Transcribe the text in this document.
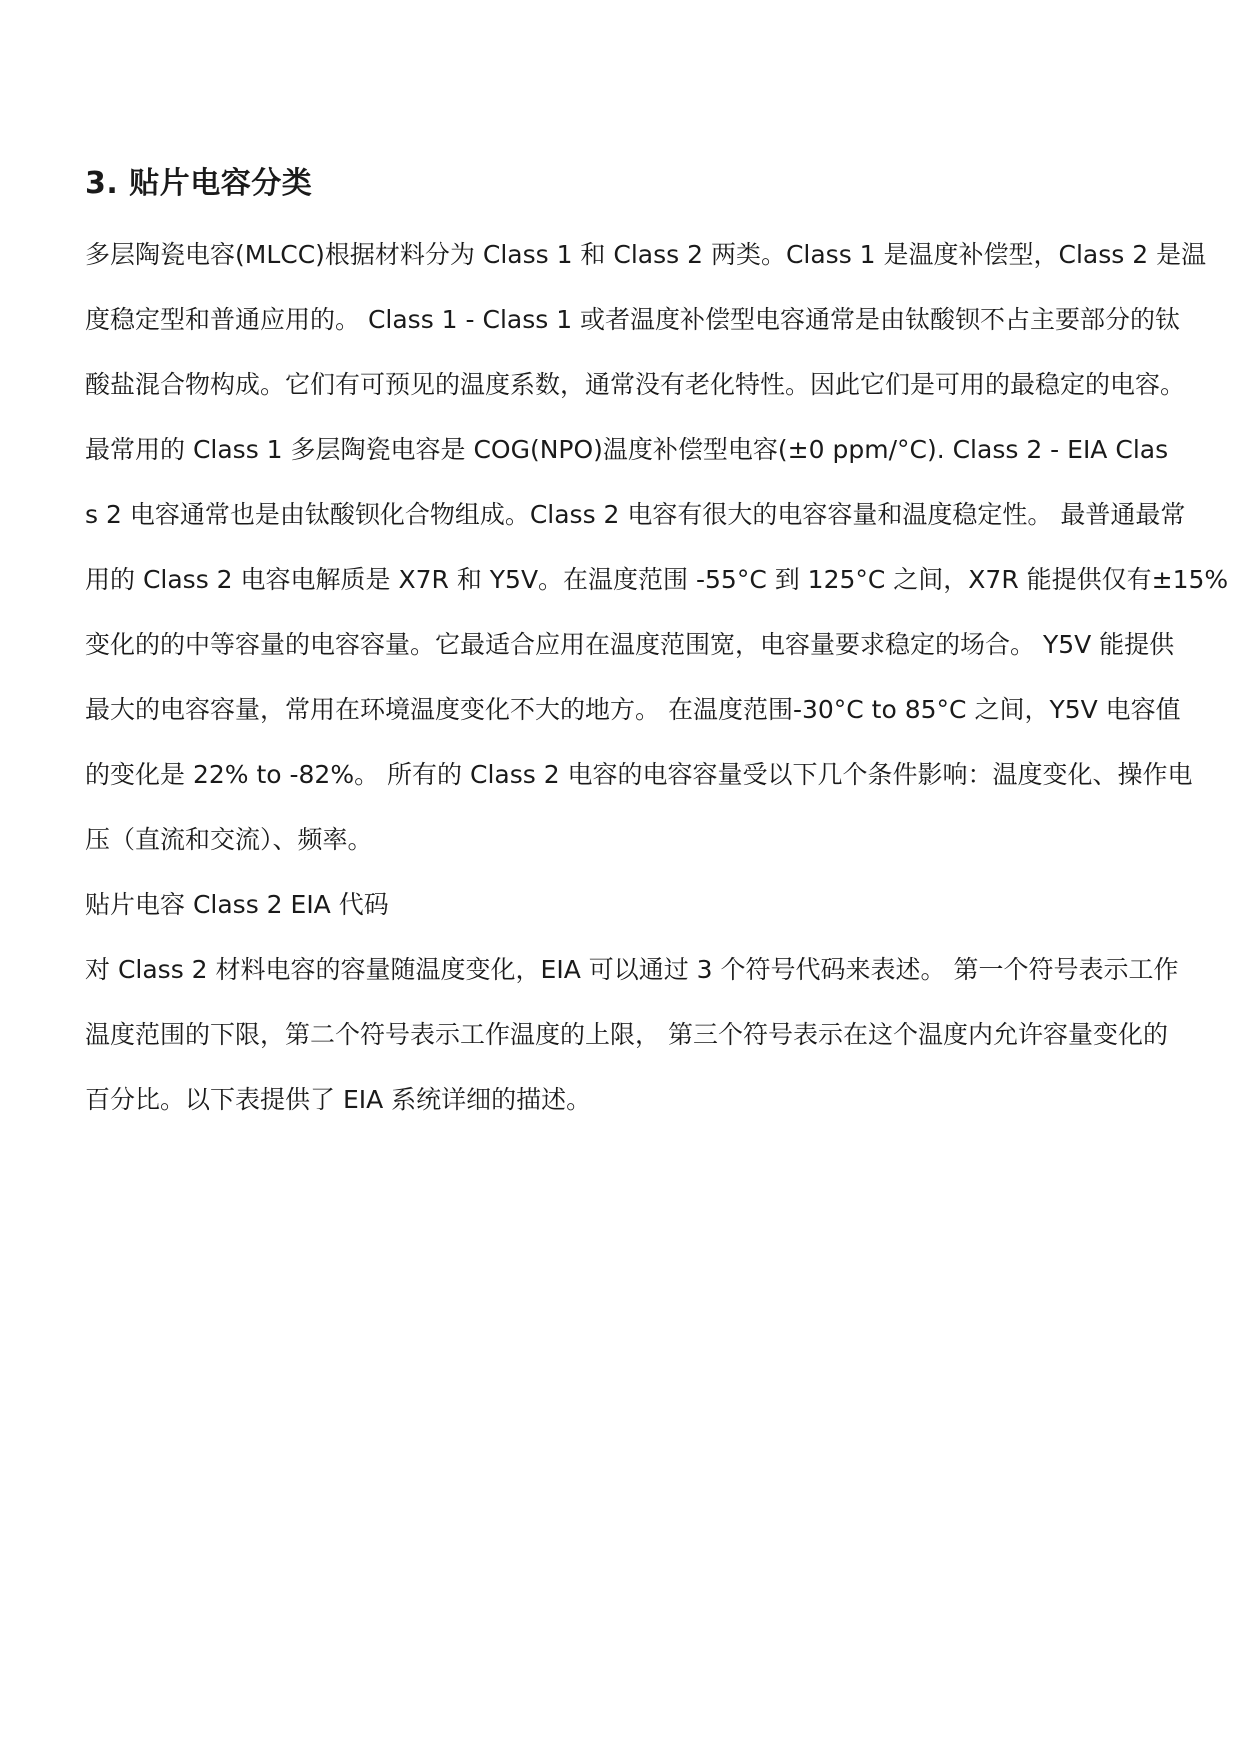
3. 贴片电容分类
多层陶瓷电容(MLCC)根据材料分为 Class 1 和 Class 2 两类。Class 1 是温度补偿型，Class 2 是温
度稳定型和普通应用的。 Class 1 - Class 1 或者温度补偿型电容通常是由钛酸钡不占主要部分的钛
酸盐混合物构成。它们有可预见的温度系数，通常没有老化特性。因此它们是可用的最稳定的电容。
最常用的 Class 1 多层陶瓷电容是 COG(NPO)温度补偿型电容(±0 ppm/°C). Class 2 - EIA Clas
s 2 电容通常也是由钛酸钡化合物组成。Class 2 电容有很大的电容容量和温度稳定性。 最普通最常
用的 Class 2 电容电解质是 X7R 和 Y5V。在温度范围 -55°C 到 125°C 之间，X7R 能提供仅有±15%
变化的的中等容量的电容容量。它最适合应用在温度范围宽，电容量要求稳定的场合。 Y5V 能提供
最大的电容容量，常用在环境温度变化不大的地方。 在温度范围-30°C to 85°C 之间，Y5V 电容值
的变化是 22% to -82%。 所有的 Class 2 电容的电容容量受以下几个条件影响：温度变化、操作电
压（直流和交流）、频率。
贴片电容 Class 2 EIA 代码
对 Class 2 材料电容的容量随温度变化，EIA 可以通过 3 个符号代码来表述。 第一个符号表示工作
温度范围的下限，第二个符号表示工作温度的上限， 第三个符号表示在这个温度内允许容量变化的
百分比。以下表提供了 EIA 系统详细的描述。
